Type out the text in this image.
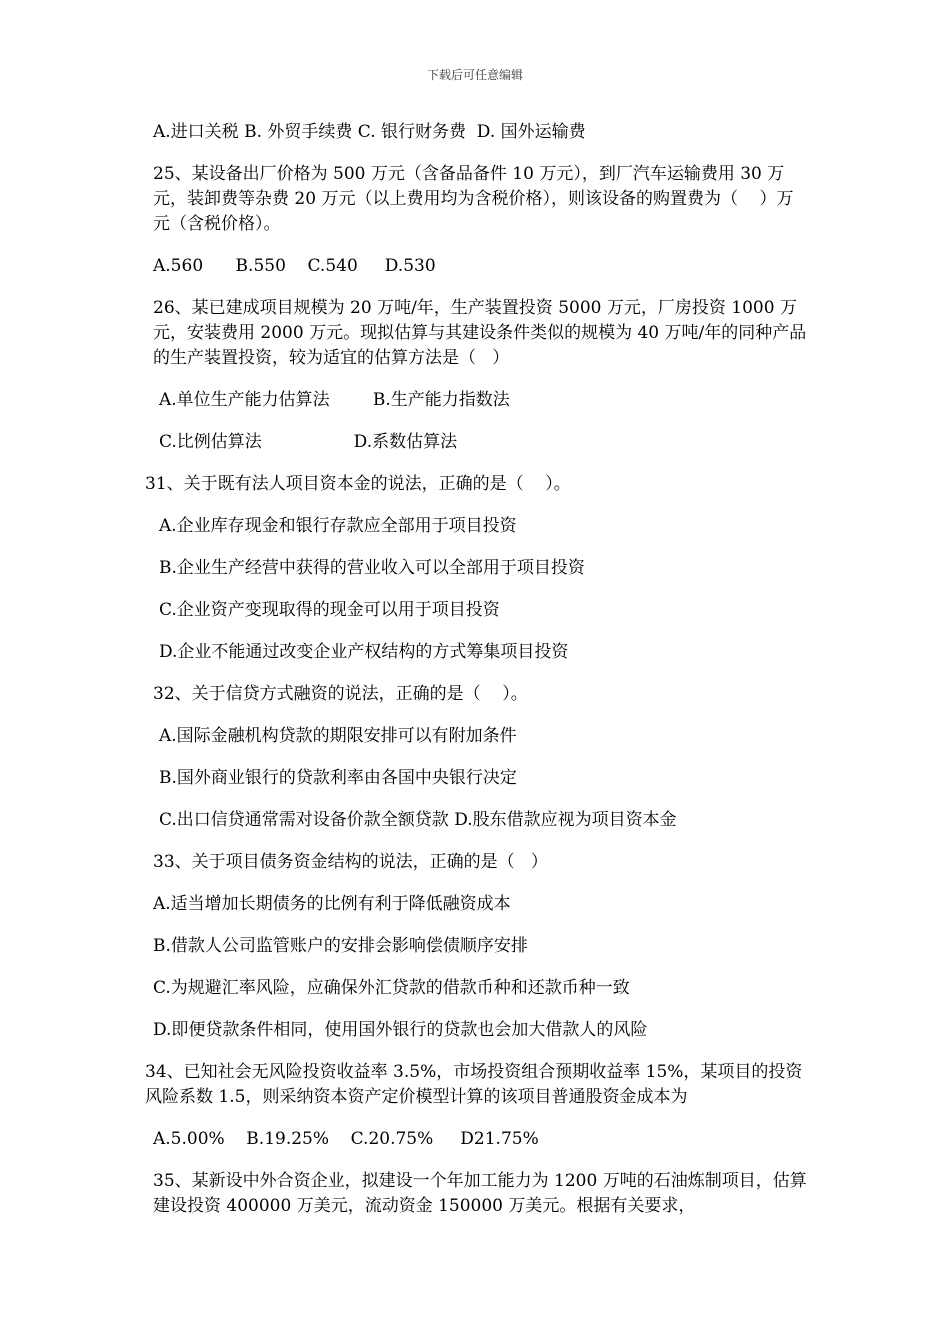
下载后可任意编辑

A.进口关税 B. 外贸手续费 C. 银行财务费  D. 国外运输费

25、某设备出厂价格为 500 万元（含备品备件 10 万元），到厂汽车运输费用 30 万元，装卸费等杂费 20 万元（以上费用均为含税价格），则该设备的购置费为（    ）万元（含税价格）。

A.560      B.550    C.540     D.530

26、某已建成项目规模为 20 万吨/年，生产装置投资 5000 万元，厂房投资 1000 万元，安装费用 2000 万元。现拟估算与其建设条件类似的规模为 40 万吨/年的同种产品的生产装置投资，较为适宜的估算方法是（   ）

A.单位生产能力估算法        B.生产能力指数法

C.比例估算法                 D.系数估算法

31、关于既有法人项目资本金的说法，正确的是（    ）。

A.企业库存现金和银行存款应全部用于项目投资

B.企业生产经营中获得的营业收入可以全部用于项目投资

C.企业资产变现取得的现金可以用于项目投资

D.企业不能通过改变企业产权结构的方式筹集项目投资

32、关于信贷方式融资的说法，正确的是（    ）。

A.国际金融机构贷款的期限安排可以有附加条件

B.国外商业银行的贷款利率由各国中央银行决定

C.出口信贷通常需对设备价款全额贷款 D.股东借款应视为项目资本金

33、关于项目债务资金结构的说法，正确的是（   ）

A.适当增加长期债务的比例有利于降低融资成本

B.借款人公司监管账户的安排会影响偿债顺序安排

C.为规避汇率风险，应确保外汇贷款的借款币种和还款币种一致

D.即便贷款条件相同，使用国外银行的贷款也会加大借款人的风险

34、已知社会无风险投资收益率 3.5%，市场投资组合预期收益率 15%，某项目的投资风险系数 1.5，则采纳资本资产定价模型计算的该项目普通股资金成本为

A.5.00%    B.19.25%    C.20.75%     D21.75%

35、某新设中外合资企业，拟建设一个年加工能力为 1200 万吨的石油炼制项目，估算建设投资 400000 万美元，流动资金 150000 万美元。根据有关要求，
